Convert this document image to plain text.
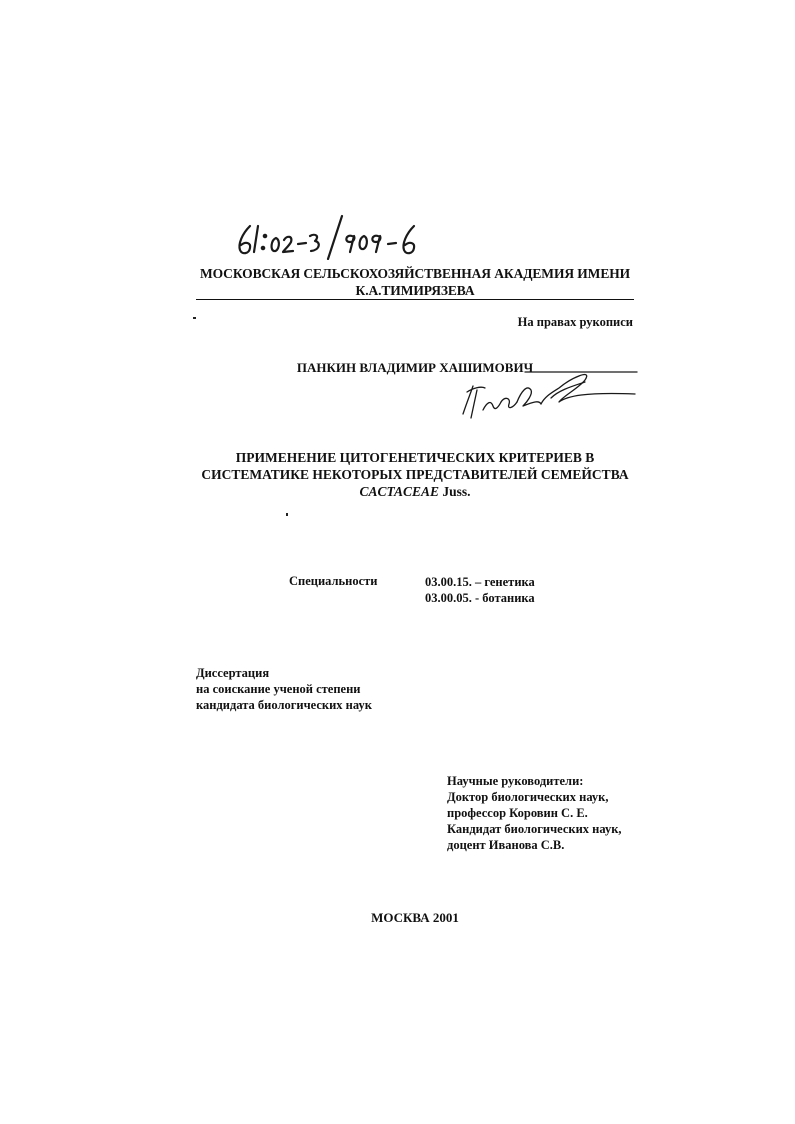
МОСКОВСКАЯ СЕЛЬСКОХОЗЯЙСТВЕННАЯ АКАДЕМИЯ ИМЕНИ
К.А.ТИМИРЯЗЕВА
На правах рукописи
ПАНКИН ВЛАДИМИР ХАШИМОВИЧ
ПРИМЕНЕНИЕ ЦИТОГЕНЕТИЧЕСКИХ КРИТЕРИЕВ В
СИСТЕМАТИКЕ НЕКОТОРЫХ ПРЕДСТАВИТЕЛЕЙ СЕМЕЙСТВА
CACTACEAE Juss.
Специальности	03.00.15. – генетика
03.00.05. - ботаника
Диссертация
на соискание ученой степени
кандидата биологических наук
Научные руководители:
Доктор биологических наук,
профессор Коровин С. Е.
Кандидат биологических наук,
доцент Иванова С.В.
МОСКВА 2001
